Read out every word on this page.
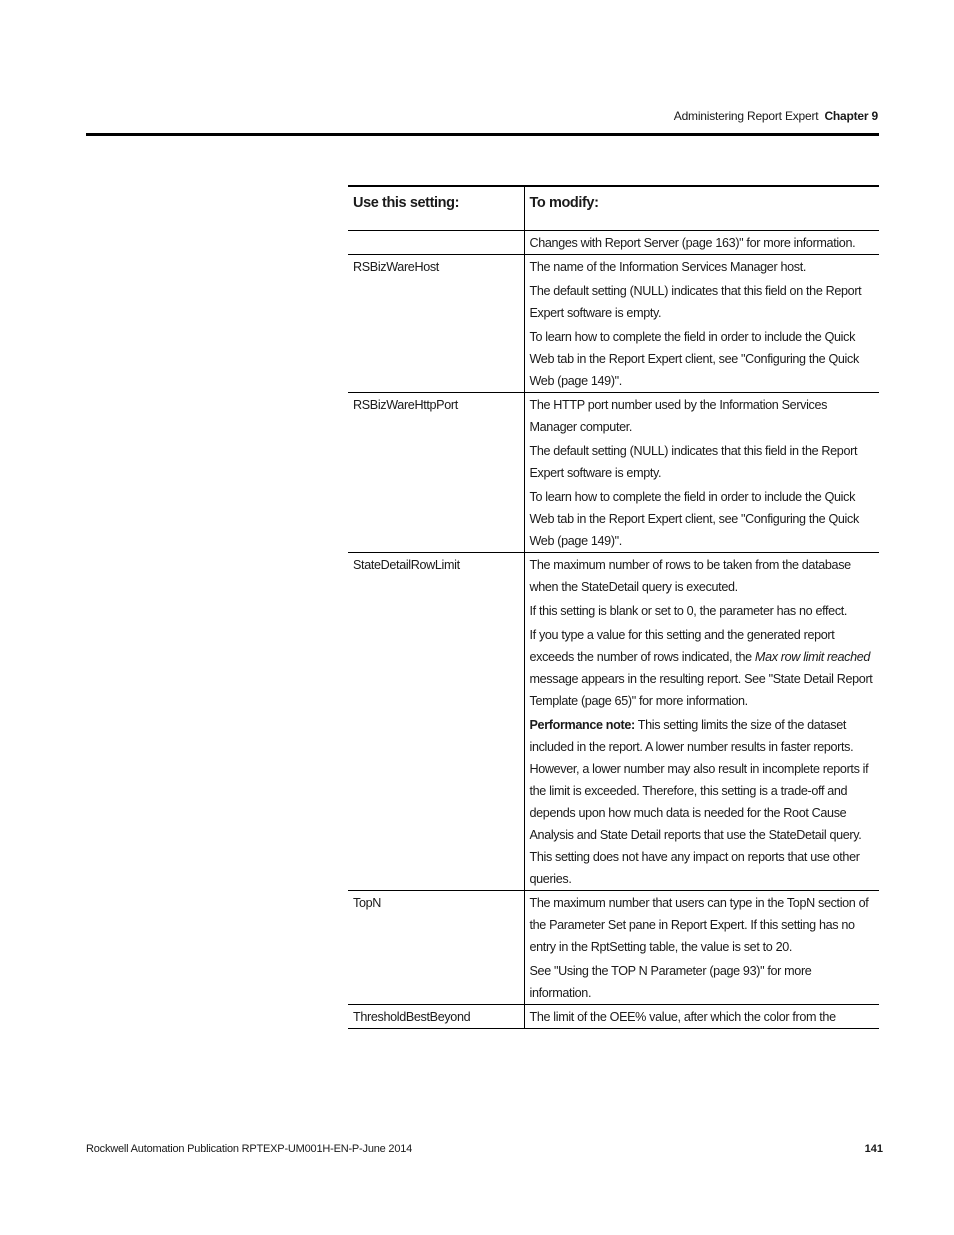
Administering Report Expert Chapter 9
Use this setting:	To modify:

	Changes with Report Server (page 163)" for more information.

RSBizWareHost	The name of the Information Services Manager host.

The default setting (NULL) indicates that this field on the Report Expert software is empty.

To learn how to complete the field in order to include the Quick Web tab in the Report Expert client, see "Configuring the Quick Web (page 149)".

RSBizWareHttpPort	The HTTP port number used by the Information Services Manager computer.

The default setting (NULL) indicates that this field in the Report Expert software is empty.

To learn how to complete the field in order to include the Quick Web tab in the Report Expert client, see "Configuring the Quick Web (page 149)".

StateDetailRowLimit	The maximum number of rows to be taken from the database when the StateDetail query is executed.

If this setting is blank or set to 0, the parameter has no effect.

If you type a value for this setting and the generated report exceeds the number of rows indicated, the Max row limit reached message appears in the resulting report. See "State Detail Report Template (page 65)" for more information.

Performance note: This setting limits the size of the dataset included in the report. A lower number results in faster reports. However, a lower number may also result in incomplete reports if the limit is exceeded. Therefore, this setting is a trade-off and depends upon how much data is needed for the Root Cause Analysis and State Detail reports that use the StateDetail query. This setting does not have any impact on reports that use other queries.

TopN	The maximum number that users can type in the TopN section of the Parameter Set pane in Report Expert. If this setting has no entry in the RptSetting table, the value is set to 20.

See "Using the TOP N Parameter (page 93)" for more information.

ThresholdBestBeyond	The limit of the OEE% value, after which the color from the

Rockwell Automation Publication RPTEXP-UM001H-EN-P-June 2014	141
